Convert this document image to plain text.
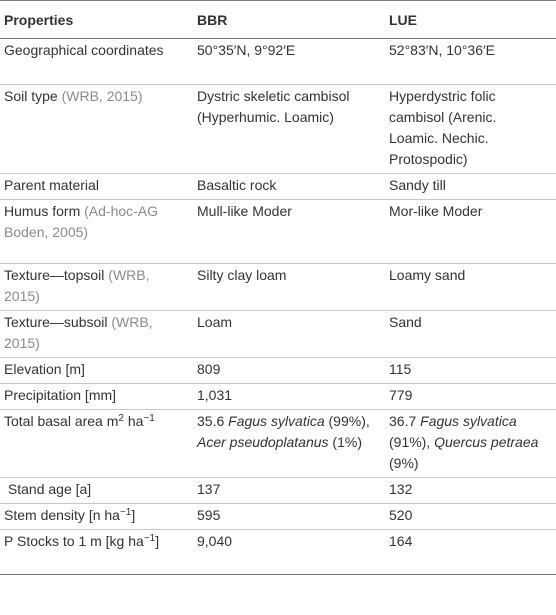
Properties	BBR	LUE
Geographical coordinates	50°35′N, 9°92′E	52°83′N, 10°36′E
Soil type (WRB, 2015)	Dystric skeletic cambisol (Hyperhumic. Loamic)	Hyperdystric folic cambisol (Arenic. Loamic. Nechic. Protospodic)
Parent material	Basaltic rock	Sandy till
Humus form (Ad-hoc-AG Boden, 2005)	Mull-like Moder	Mor-like Moder
Texture—topsoil (WRB, 2015)	Silty clay loam	Loamy sand
Texture—subsoil (WRB, 2015)	Loam	Sand
Elevation [m]	809	115
Precipitation [mm]	1,031	779
Total basal area $m^2$ $ha^{-1}$	35.6 Fagus sylvatica (99%), Acer pseudoplatanus (1%)	36.7 Fagus sylvatica (91%), Quercus petraea (9%)
Stand age [a]	137	132
Stem density [n $ha^{-1}$]	595	520
P Stocks to 1 m [kg $ha^{-1}$]	9,040	164
